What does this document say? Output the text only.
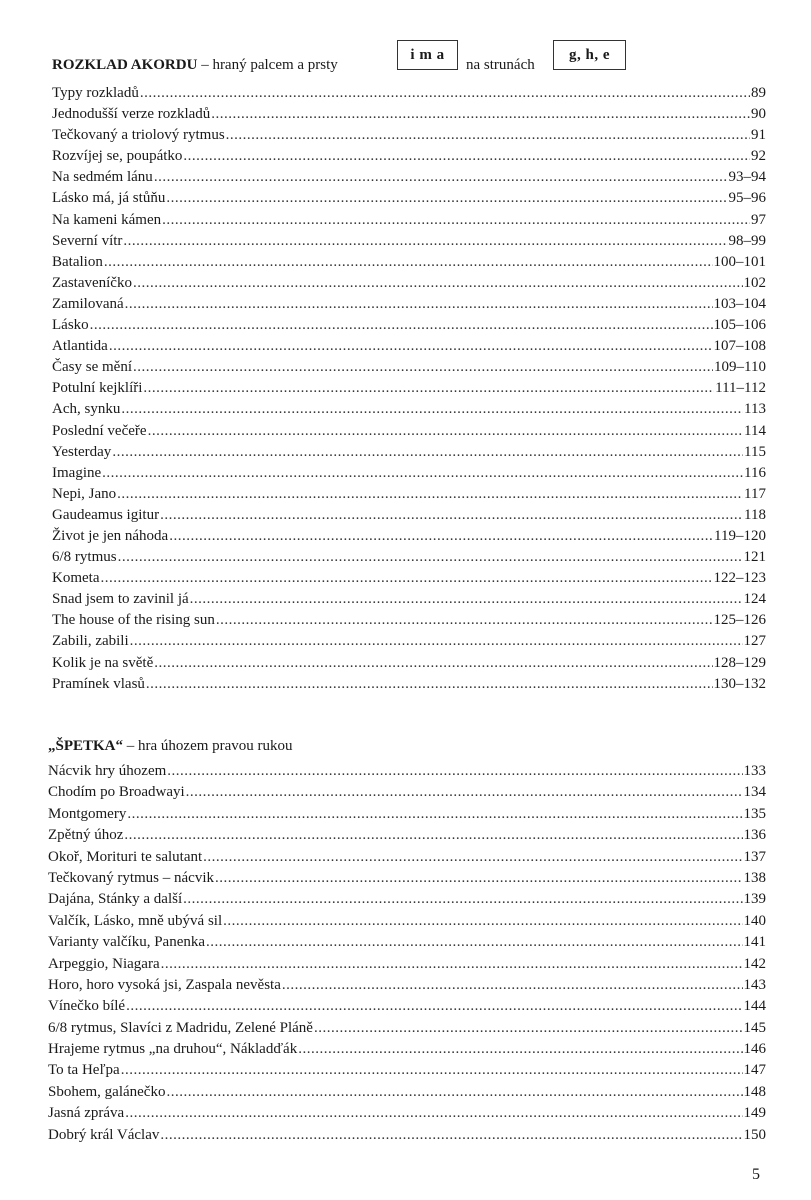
ROZKLAD AKORDU – hraný palcem a prsty
i m a
na strunách
g, h, e
Typy rozkladů .....	89
Jednodušší verze rozkladů .....	90
Tečkovaný a triolový rytmus .....	91
Rozvíjej se, poupátko .....	92
Na sedmém lánu .....	93–94
Lásko má, já stůňu .....	95–96
Na kameni kámen .....	97
Severní vítr .....	98–99
Batalion .....	100–101
Zastaveníčko .....	102
Zamilovaná .....	103–104
Lásko .....	105–106
Atlantida .....	107–108
Časy se mění .....	109–110
Potulní kejklíři .....	111–112
Ach, synku .....	113
Poslední večeře .....	114
Yesterday .....	115
Imagine .....	116
Nepi, Jano .....	117
Gaudeamus igitur .....	118
Život je jen náhoda .....	119–120
6/8 rytmus .....	121
Kometa .....	122–123
Snad jsem to zavinil já .....	124
The house of the rising sun .....	125–126
Zabili, zabili .....	127
Kolik je na světě .....	128–129
Pramínek vlasů .....	130–132
„ŠPETKA“ – hra úhozem pravou rukou
Nácvik hry úhozem .....	133
Chodím po Broadwayi .....	134
Montgomery .....	135
Zpětný úhoz .....	136
Okoř, Morituri te salutant .....	137
Tečkovaný rytmus – nácvik .....	138
Dajána, Stánky a další .....	139
Valčík, Lásko, mně ubývá sil .....	140
Varianty valčíku, Panenka .....	141
Arpeggio, Niagara .....	142
Horo, horo vysoká jsi, Zaspala nevěsta .....	143
Vínečko bílé .....	144
6/8 rytmus, Slavíci z Madridu, Zelené Pláně .....	145
Hrajeme rytmus „na druhou“, Nákladďák .....	146
To ta Heľpa .....	147
Sbohem, galánečko .....	148
Jasná zpráva .....	149
Dobrý král Václav .....	150
5
